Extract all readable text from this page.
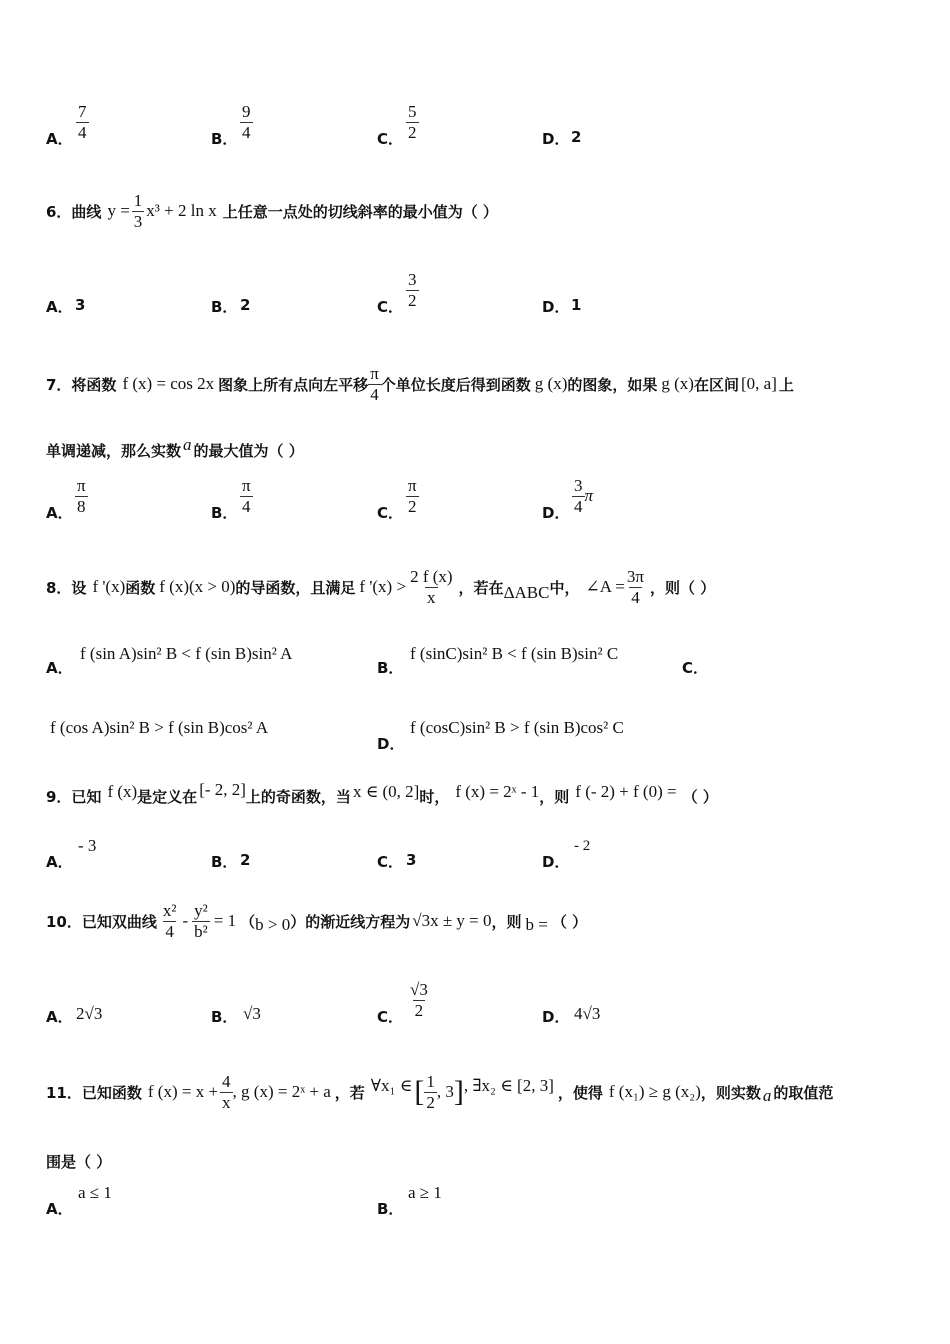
A． $\frac{7}{4}$	B． $\frac{9}{4}$	C． $\frac{5}{2}$	D． 2
6．曲线 $y = \frac{1}{3} x^3 + 2$ ln x 上任意一点处的切线斜率的最小值为（ ）
A． 3	B． 2	C． $\frac{3}{2}$	D． 1
7．将函数 f (x) = cos 2x 图象上所有点向左平移 $\frac{\pi}{4}$ 个单位长度后得到函数 g (x) 的图象，如果 g (x) 在区间 [0, a] 上
单调递减，那么实数 a 的最大值为（ ）
A． $\frac{\pi}{8}$	B． $\frac{\pi}{4}$	C． $\frac{\pi}{2}$	D． $\frac{3}{4}$ π
8．设 f '(x) 函数 f (x)(x > 0) 的导函数，且满足 f '$(x) > \frac{2 f (x)}{x}$ ，若在 ΔABC 中， ∠A = $\frac{3\pi}{4}$ ，则（ ）
A．
f (sin A)sin² B < f (sin B)sin² A
B．
f (sinC)sin² B < f (sin B)sin² C
C．
f (cos A)sin² B > f (sin B)cos² A
D．
f (cosC)sin² B > f (sin B)cos² C
9．已知 f (x) 是定义在 [- 2, 2] 上的奇函数，当 x ∈ (0, 2] 时， f (x) = 2ˣ - 1 ，则 f (- 2) + f (0) = （ ）
A．
- 3
B． 2	C． 3	D．
- 2
10．已知双曲线 $\frac{\text{x²}}{4} - \frac{\text{y²}}{\text{b²}} = 1$ （ b > 0 ）的渐近线方程为 √3x ± y = 0 ，则 b = （ ）
A． 2√3	B． √3	C． $\frac{√3}{2}$	D． 4√3
11．已知函数 f $(x) = x + \frac{4}{x}$ , g (x) = 2ˣ + a ，若 ∀x₁ ∈ [ $\frac{1}{2}$ , 3 ] , ∃x₂ ∈ [2, 3] ，使得 f (x₁) ≥ g (x₂) ，则实数 a 的取值范
围是（ ）
A．
a ≤ 1
B．
a ≥ 1
